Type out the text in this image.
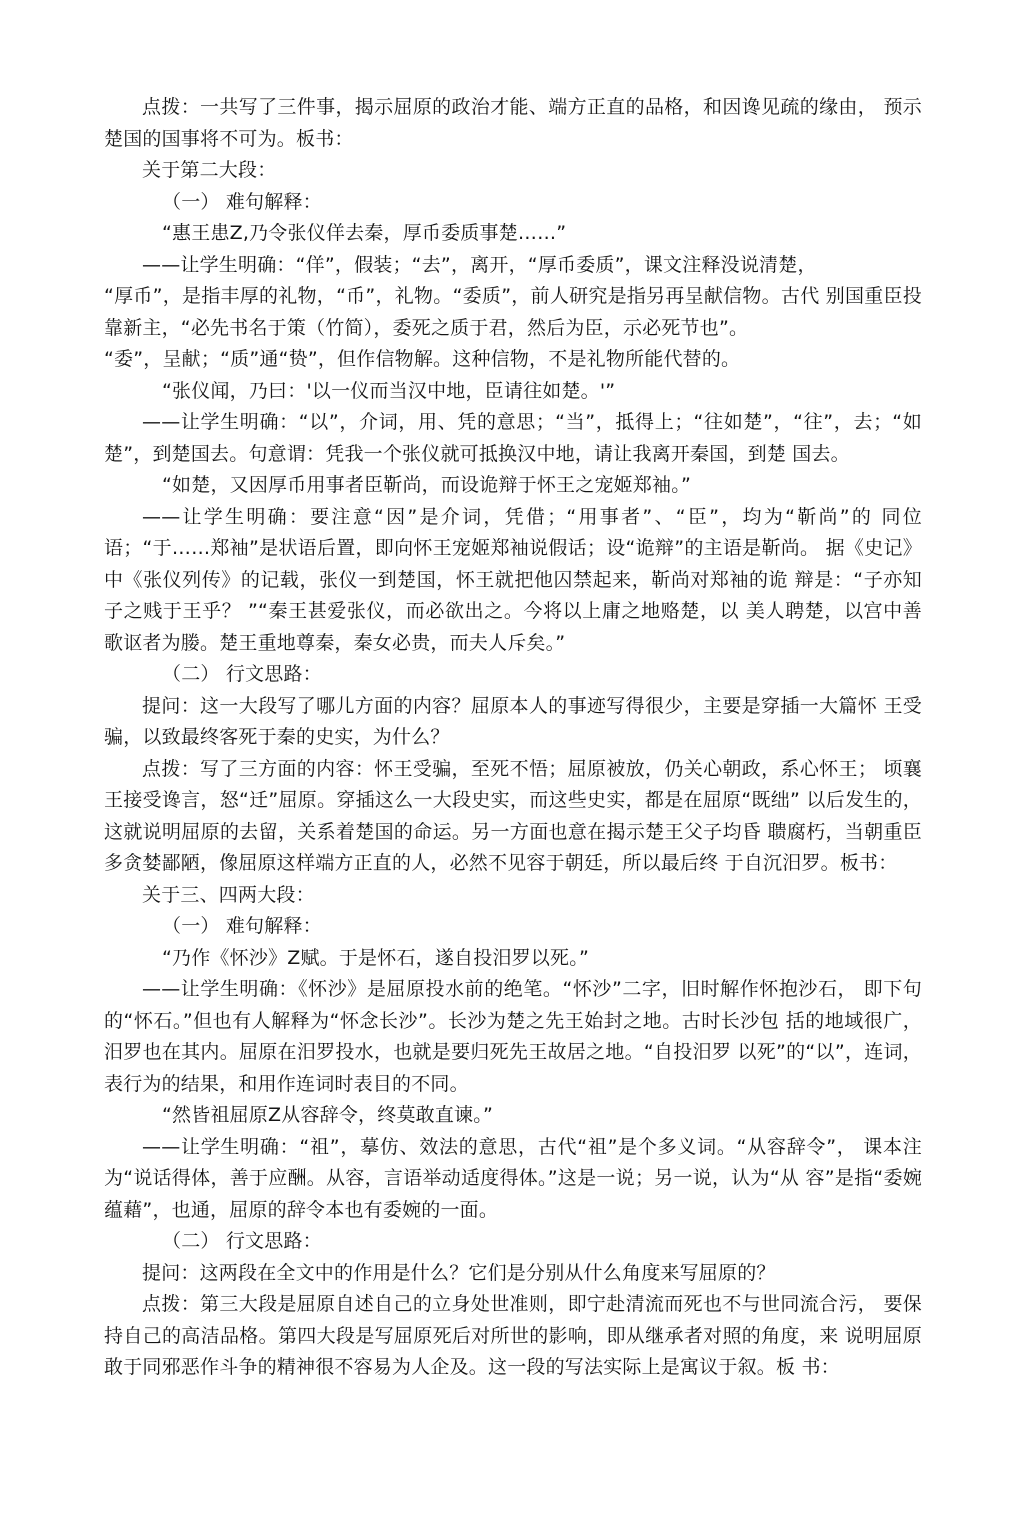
点拨：一共写了三件事，揭示屈原的政治才能、端方正直的品格，和因谗见疏的缘由， 预示楚国的国事将不可为。板书：

关于第二大段：

（一） 难句解释：

“惠王患Z,乃令张仪佯去秦，厚币委质事楚……”

——让学生明确：“佯”，假装；“去”，离开，“厚币委质”，课文注释没说清楚，

“厚币”，是指丰厚的礼物，“币”，礼物。“委质”，前人研究是指另再呈献信物。古代 别国重臣投靠新主，“必先书名于策（竹简），委死之质于君，然后为臣，示必死节也”。

“委”，呈献；“质”通“贽”，但作信物解。这种信物，不是礼物所能代替的。

“张仪闻，乃曰：'以一仪而当汉中地，臣请往如楚。'”

——让学生明确：“以”，介词，用、凭的意思；“当”，抵得上；“往如楚”，“往”，去；“如楚”，到楚国去。句意谓：凭我一个张仪就可抵换汉中地，请让我离开秦国，到楚 国去。

“如楚，又因厚币用事者臣靳尚，而设诡辩于怀王之宠姬郑袖。”

——让学生明确：要注意“因”是介词，凭借；“用事者”、“臣”，均为“靳尚”的 同位语；“于……郑袖”是状语后置，即向怀王宠姬郑袖说假话；设“诡辩”的主语是靳尚。 据《史记》中《张仪列传》的记载，张仪一到楚国，怀王就把他囚禁起来，靳尚对郑袖的诡 辩是：“子亦知子之贱于王乎？ ”“秦王甚爱张仪，而必欲出之。今将以上庸之地赂楚，以 美人聘楚，以宫中善歌讴者为媵。楚王重地尊秦，秦女必贵，而夫人斥矣。”

（二） 行文思路：

提问：这一大段写了哪儿方面的内容？屈原本人的事迹写得很少，主要是穿插一大篇怀 王受骗，以致最终客死于秦的史实，为什么？

点拨：写了三方面的内容：怀王受骗，至死不悟；屈原被放，仍关心朝政，系心怀王； 顷襄王接受谗言，怒“迁”屈原。穿插这么一大段史实，而这些史实，都是在屈原“既绌” 以后发生的，这就说明屈原的去留，关系着楚国的命运。另一方面也意在揭示楚王父子均昏 聩腐朽，当朝重臣多贪婪鄙陋，像屈原这样端方正直的人，必然不见容于朝廷，所以最后终 于自沉汨罗。板书：

关于三、四两大段：

（一） 难句解释：

“乃作《怀沙》Z赋。于是怀石，遂自投汨罗以死。”

——让学生明确：《怀沙》是屈原投水前的绝笔。“怀沙”二字，旧时解作怀抱沙石， 即下句的“怀石。”但也有人解释为“怀念长沙”。长沙为楚之先王始封之地。古时长沙包 括的地域很广，汨罗也在其内。屈原在汨罗投水，也就是要归死先王故居之地。“自投汨罗 以死”的“以”，连词，表行为的结果，和用作连词时表目的不同。

“然皆祖屈原Z从容辞令，终莫敢直谏。”

——让学生明确：“祖”，摹仿、效法的意思，古代“祖”是个多义词。“从容辞令”， 课本注为“说话得体，善于应酬。从容，言语举动适度得体。”这是一说；另一说，认为“从 容”是指“委婉蕴藉”，也通，屈原的辞令本也有委婉的一面。

（二） 行文思路：

提问：这两段在全文中的作用是什么？它们是分别从什么角度来写屈原的？

点拨：第三大段是屈原自述自己的立身处世准则，即宁赴清流而死也不与世同流合污， 要保持自己的高洁品格。第四大段是写屈原死后对所世的影响，即从继承者对照的角度，来 说明屈原敢于同邪恶作斗争的精神很不容易为人企及。这一段的写法实际上是寓议于叙。板 书：
